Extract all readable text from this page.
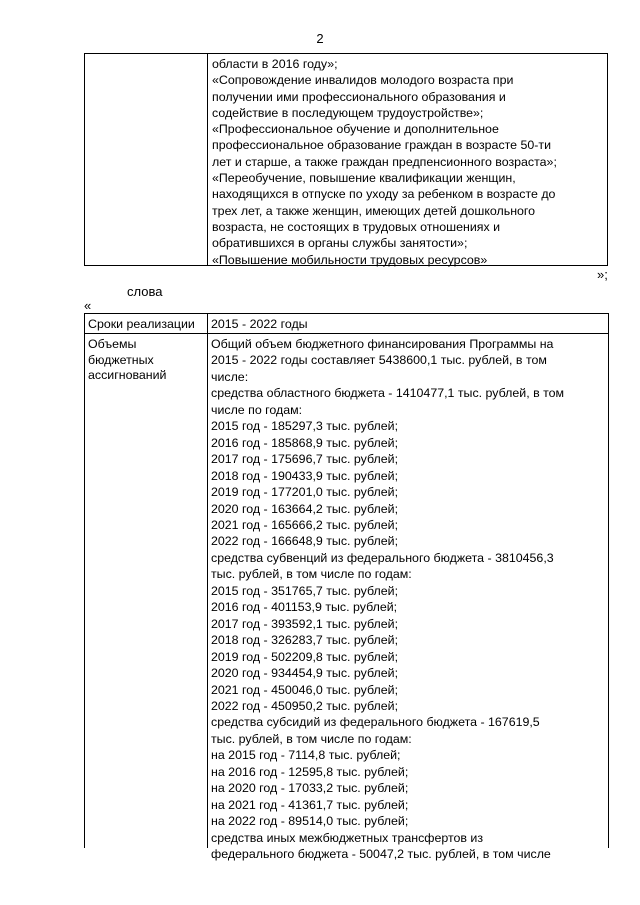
2
области в 2016 году»;
«Сопровождение инвалидов молодого возраста при
получении ими профессионального образования и
содействие в последующем трудоустройстве»;
«Профессиональное обучение и дополнительное
профессиональное образование граждан в возрасте 50-ти
лет и старше, а также граждан предпенсионного возраста»;
«Переобучение, повышение квалификации женщин,
находящихся в отпуске по уходу за ребенком в возрасте до
трех лет, а также женщин, имеющих детей дошкольного
возраста, не состоящих в трудовых отношениях и
обратившихся в органы службы занятости»;
«Повышение мобильности трудовых ресурсов»
»;
слова
«
Сроки реализации 2015 - 2022 годы
Объемы
бюджетных
ассигнований
Общий объем бюджетного финансирования Программы на
2015 - 2022 годы составляет 5438600,1 тыс. рублей, в том
числе:
средства областного бюджета - 1410477,1 тыс. рублей, в том
числе по годам:
2015 год - 185297,3 тыс. рублей;
2016 год - 185868,9 тыс. рублей;
2017 год - 175696,7 тыс. рублей;
2018 год - 190433,9 тыс. рублей;
2019 год - 177201,0 тыс. рублей;
2020 год - 163664,2 тыс. рублей;
2021 год - 165666,2 тыс. рублей;
2022 год - 166648,9 тыс. рублей;
средства субвенций из федерального бюджета - 3810456,3
тыс. рублей, в том числе по годам:
2015 год - 351765,7 тыс. рублей;
2016 год - 401153,9 тыс. рублей;
2017 год - 393592,1 тыс. рублей;
2018 год - 326283,7 тыс. рублей;
2019 год - 502209,8 тыс. рублей;
2020 год - 934454,9 тыс. рублей;
2021 год - 450046,0 тыс. рублей;
2022 год - 450950,2 тыс. рублей;
средства субсидий из федерального бюджета - 167619,5
тыс. рублей, в том числе по годам:
на 2015 год - 7114,8 тыс. рублей;
на 2016 год - 12595,8 тыс. рублей;
на 2020 год - 17033,2 тыс. рублей;
на 2021 год - 41361,7 тыс. рублей;
на 2022 год - 89514,0 тыс. рублей;
средства иных межбюджетных трансфертов из
федерального бюджета - 50047,2 тыс. рублей, в том числе
